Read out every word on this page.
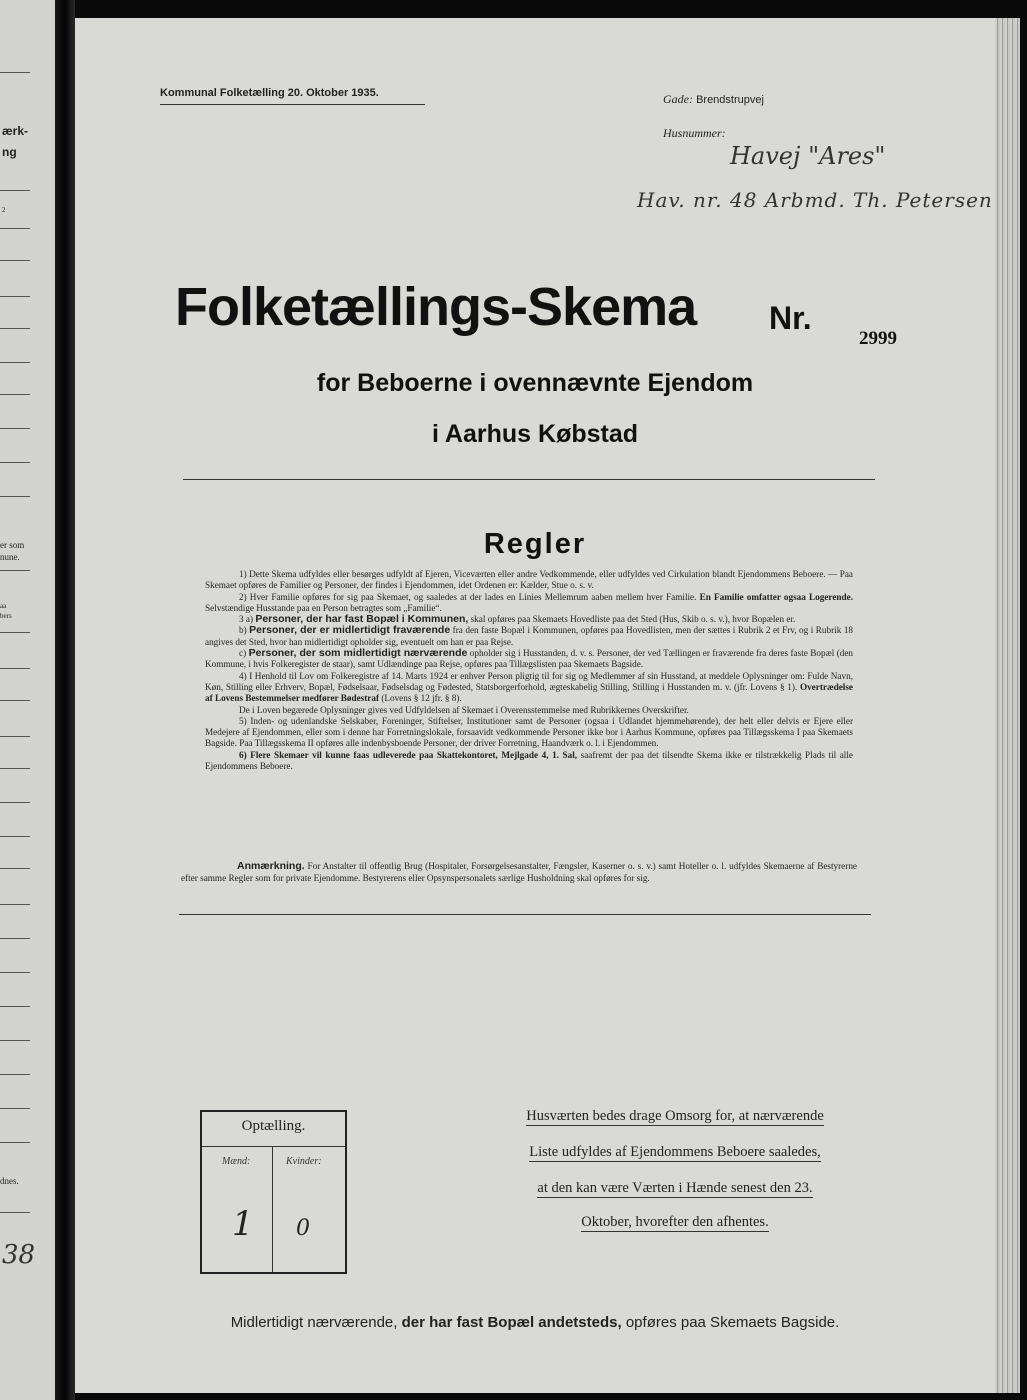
ærk-
ng
2
er som
nune.
aa
bers
dnes.
38
Kommunal Folketælling 20. Oktober 1935.	Gade: Brendstrupvej
Husnummer:
Havej "Ares"
Hav. nr. 48 Arbmd. Th. Petersen
Folketællings-Skema Nr.
2999
for Beboerne i ovennævnte Ejendom
i Aarhus Købstad
Regler

1) Dette Skema udfyldes eller besørges udfyldt af Ejeren, Viceværten eller andre Vedkommende, eller udfyldes ved Cirkulation blandt Ejendommens Beboere. — Paa Skemaet opføres de Familier og Personer, der findes i Ejendommen, idet Ordenen er: Kælder, Stue o. s. v.

2) Hver Familie opføres for sig paa Skemaet, og saaledes at der lades en Linies Mellemrum aaben mellem hver Familie. En Familie omfatter ogsaa Logerende. Selvstændige Husstande paa en Person betragtes som „Familie“.

3 a) Personer, der har fast Bopæl i Kommunen, skal opføres paa Skemaets Hovedliste paa det Sted (Hus, Skib o. s. v.), hvor Bopælen er.

b) Personer, der er midlertidigt fraværende fra den faste Bopæl i Kommunen, opføres paa Hovedlisten, men der sættes i Rubrik 2 et Frv, og i Rubrik 18 angives det Sted, hvor han midlertidigt opholder sig, eventuelt om han er paa Rejse.

c) Personer, der som midlertidigt nærværende opholder sig i Husstanden, d. v. s. Personer, der ved Tællingen er fraværende fra deres faste Bopæl (den Kommune, i hvis Folkeregister de staar), samt Udlændinge paa Rejse, opføres paa Tillægslisten paa Skemaets Bagside.

4) I Henhold til Lov om Folkeregistre af 14. Marts 1924 er enhver Person pligtig til for sig og Medlemmer af sin Husstand, at meddele Oplysninger om: Fulde Navn, Køn, Stilling eller Erhverv, Bopæl, Fødselsaar, Fødselsdag og Fødested, Statsborgerforhold, ægteskabelig Stilling, Stilling i Husstanden m. v. (jfr. Lovens § 1). Overtrædelse af Lovens Bestemmelser medfører Bødestraf (Lovens § 12 jfr. § 8).

De i Loven begærede Oplysninger gives ved Udfyldelsen af Skemaet i Overensstemmelse med Rubrikkernes Overskrifter.

5) Inden- og udenlandske Selskaber, Foreninger, Stiftelser, Institutioner samt de Personer (ogsaa i Udlandet hjemmehørende), der helt eller delvis er Ejere eller Medejere af Ejendommen, eller som i denne har Forretningslokale, forsaavidt vedkommende Personer ikke bor i Aarhus Kommune, opføres paa Tillægsskema I paa Skemaets Bagside. Paa Tillægsskema II opføres alle indenbysboende Personer, der driver Forretning, Haandværk o. l. i Ejendommen.

6) Flere Skemaer vil kunne faas udleverede paa Skattekontoret, Mejlgade 4, 1. Sal, saafremt der paa det tilsendte Skema ikke er tilstrækkelig Plads til alle Ejendommens Beboere.

Anmærkning. For Anstalter til offentlig Brug (Hospitaler, Forsørgelsesanstalter, Fængsler, Kaserner o. s. v.) samt Hoteller o. l. udfyldes Skemaerne af Bestyrerne efter samme Regler som for private Ejendomme. Bestyrerens eller Opsynspersonalets særlige Husholdning skal opføres for sig.
Optælling.
Mænd:	Kvinder:
1 0
Husværten bedes drage Omsorg for, at nærværende
Liste udfyldes af Ejendommens Beboere saaledes,
at den kan være Værten i Hænde senest den 23.
Oktober, hvorefter den afhentes.
Midlertidigt nærværende, der har fast Bopæl andetsteds, opføres paa Skemaets Bagside.
